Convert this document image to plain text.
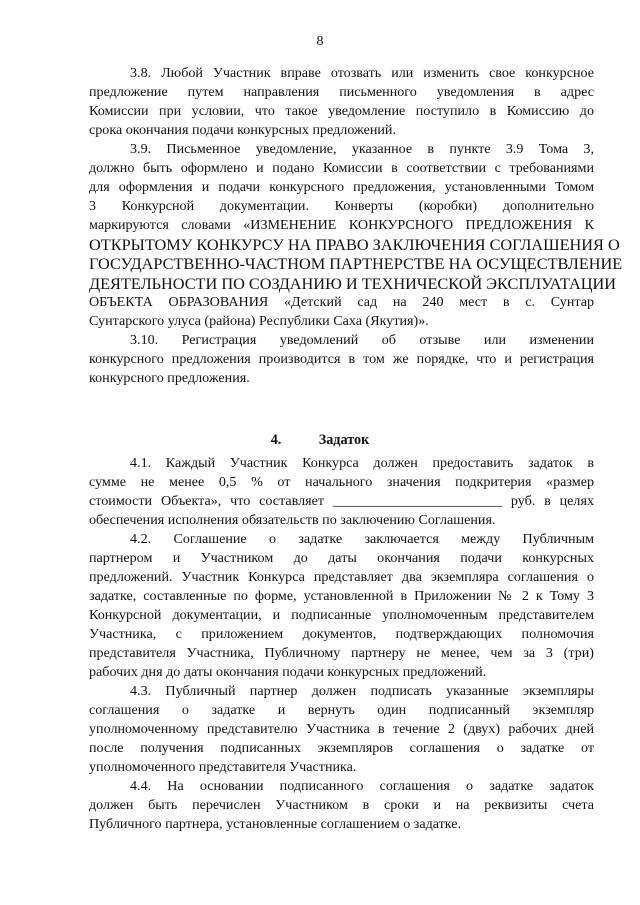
8
3.8. Любой Участник вправе отозвать или изменить свое конкурсное
предложение путем направления письменного уведомления в адрес
Комиссии при условии, что такое уведомление поступило в Комиссию до
срока окончания подачи конкурсных предложений.
3.9. Письменное уведомление, указанное в пункте 3.9 Тома 3,
должно быть оформлено и подано Комиссии в соответствии с требованиями
для оформления и подачи конкурсного предложения, установленными Томом
3 Конкурсной документации. Конверты (коробки) дополнительно
маркируются словами «ИЗМЕНЕНИЕ КОНКУРСНОГО ПРЕДЛОЖЕНИЯ К
ОТКРЫТОМУ КОНКУРСУ НА ПРАВО ЗАКЛЮЧЕНИЯ СОГЛАШЕНИЯ О
ГОСУДАРСТВЕННО-ЧАСТНОМ ПАРТНЕРСТВЕ НА ОСУЩЕСТВЛЕНИЕ
ДЕЯТЕЛЬНОСТИ ПО СОЗДАНИЮ И ТЕХНИЧЕСКОЙ ЭКСПЛУАТАЦИИ
ОБЪЕКТА ОБРАЗОВАНИЯ «Детский сад на 240 мест в с. Сунтар
Сунтарского улуса (района) Республики Саха (Якутия)».
3.10. Регистрация уведомлений об отзыве или изменении
конкурсного предложения производится в том же порядке, что и регистрация
конкурсного предложения.
4.	Задаток
4.1. Каждый Участник Конкурса должен предоставить задаток в
сумме не менее 0,5 % от начального значения подкритерия «размер
стоимости Объекта», что составляет ________________________ руб. в целях
обеспечения исполнения обязательств по заключению Соглашения.
4.2. Соглашение о задатке заключается между Публичным
партнером и Участником до даты окончания подачи конкурсных
предложений. Участник Конкурса представляет два экземпляра соглашения о
задатке, составленные по форме, установленной в Приложении № 2 к Тому 3
Конкурсной документации, и подписанные уполномоченным представителем
Участника, с приложением документов, подтверждающих полномочия
представителя Участника, Публичному партнеру не менее, чем за 3 (три)
рабочих дня до даты окончания подачи конкурсных предложений.
4.3. Публичный партнер должен подписать указанные экземпляры
соглашения о задатке и вернуть один подписанный экземпляр
уполномоченному представителю Участника в течение 2 (двух) рабочих дней
после получения подписанных экземпляров соглашения о задатке от
уполномоченного представителя Участника.
4.4. На основании подписанного соглашения о задатке задаток
должен быть перечислен Участником в сроки и на реквизиты счета
Публичного партнера, установленные соглашением о задатке.
